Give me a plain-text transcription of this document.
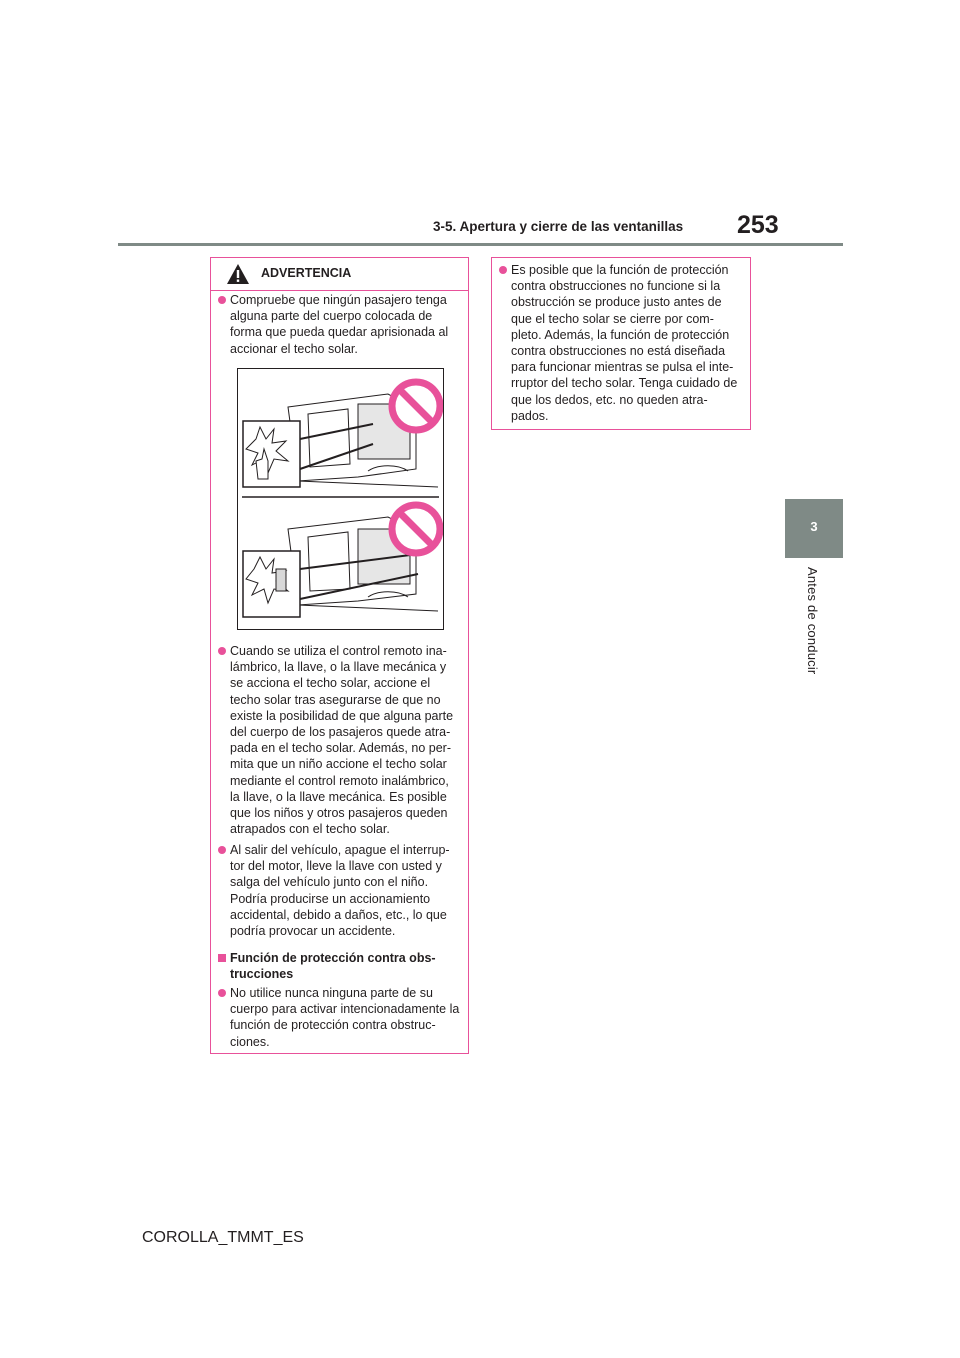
3-5. Apertura y cierre de las ventanillas 253
3
Antes de conducir
ADVERTENCIA
Compruebe que ningún pasajero tenga alguna parte del cuerpo colocada de forma que pueda quedar aprisionada al accionar el techo solar.
Cuando se utiliza el control remoto ina-lámbrico, la llave, o la llave mecánica y se acciona el techo solar, accione el techo solar tras asegurarse de que no existe la posibilidad de que alguna parte del cuerpo de los pasajeros quede atra-pada en el techo solar. Además, no per-mita que un niño accione el techo solar mediante el control remoto inalámbrico, la llave, o la llave mecánica. Es posible que los niños y otros pasajeros queden atrapados con el techo solar.
Al salir del vehículo, apague el interrup-tor del motor, lleve la llave con usted y salga del vehículo junto con el niño. Podría producirse un accionamiento accidental, debido a daños, etc., lo que podría provocar un accidente.
Función de protección contra obs-trucciones
No utilice nunca ninguna parte de su cuerpo para activar intencionadamente la función de protección contra obstruc-ciones.
Es posible que la función de protección contra obstrucciones no funcione si la obstrucción se produce justo antes de que el techo solar se cierre por com-pleto. Además, la función de protección contra obstrucciones no está diseñada para funcionar mientras se pulsa el inte-rruptor del techo solar. Tenga cuidado de que los dedos, etc. no queden atra-pados.
COROLLA_TMMT_ES
